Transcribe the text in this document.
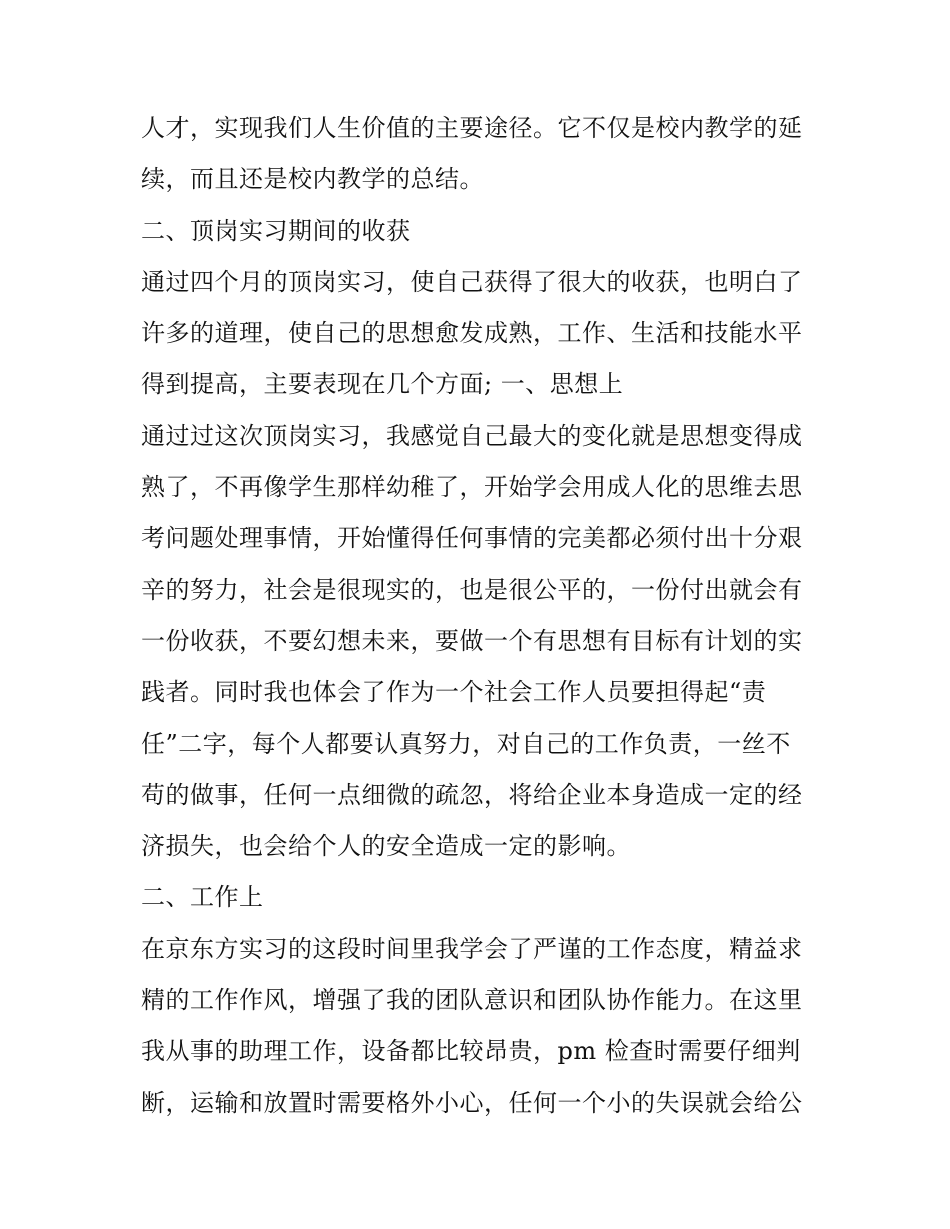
人才，实现我们人生价值的主要途径。它不仅是校内教学的延
续，而且还是校内教学的总结。
二、顶岗实习期间的收获
通过四个月的顶岗实习，使自己获得了很大的收获，也明白了
许多的道理，使自己的思想愈发成熟，工作、生活和技能水平
得到提高，主要表现在几个方面; 一、思想上
通过过这次顶岗实习，我感觉自己最大的变化就是思想变得成
熟了，不再像学生那样幼稚了，开始学会用成人化的思维去思
考问题处理事情，开始懂得任何事情的完美都必须付出十分艰
辛的努力，社会是很现实的，也是很公平的，一份付出就会有
一份收获，不要幻想未来，要做一个有思想有目标有计划的实
践者。同时我也体会了作为一个社会工作人员要担得起“责
任”二字，每个人都要认真努力，对自己的工作负责，一丝不
苟的做事，任何一点细微的疏忽，将给企业本身造成一定的经
济损失，也会给个人的安全造成一定的影响。
二、工作上
在京东方实习的这段时间里我学会了严谨的工作态度，精益求
精的工作作风，增强了我的团队意识和团队协作能力。在这里
我从事的助理工作，设备都比较昂贵，pm 检查时需要仔细判
断，运输和放置时需要格外小心，任何一个小的失误就会给公
